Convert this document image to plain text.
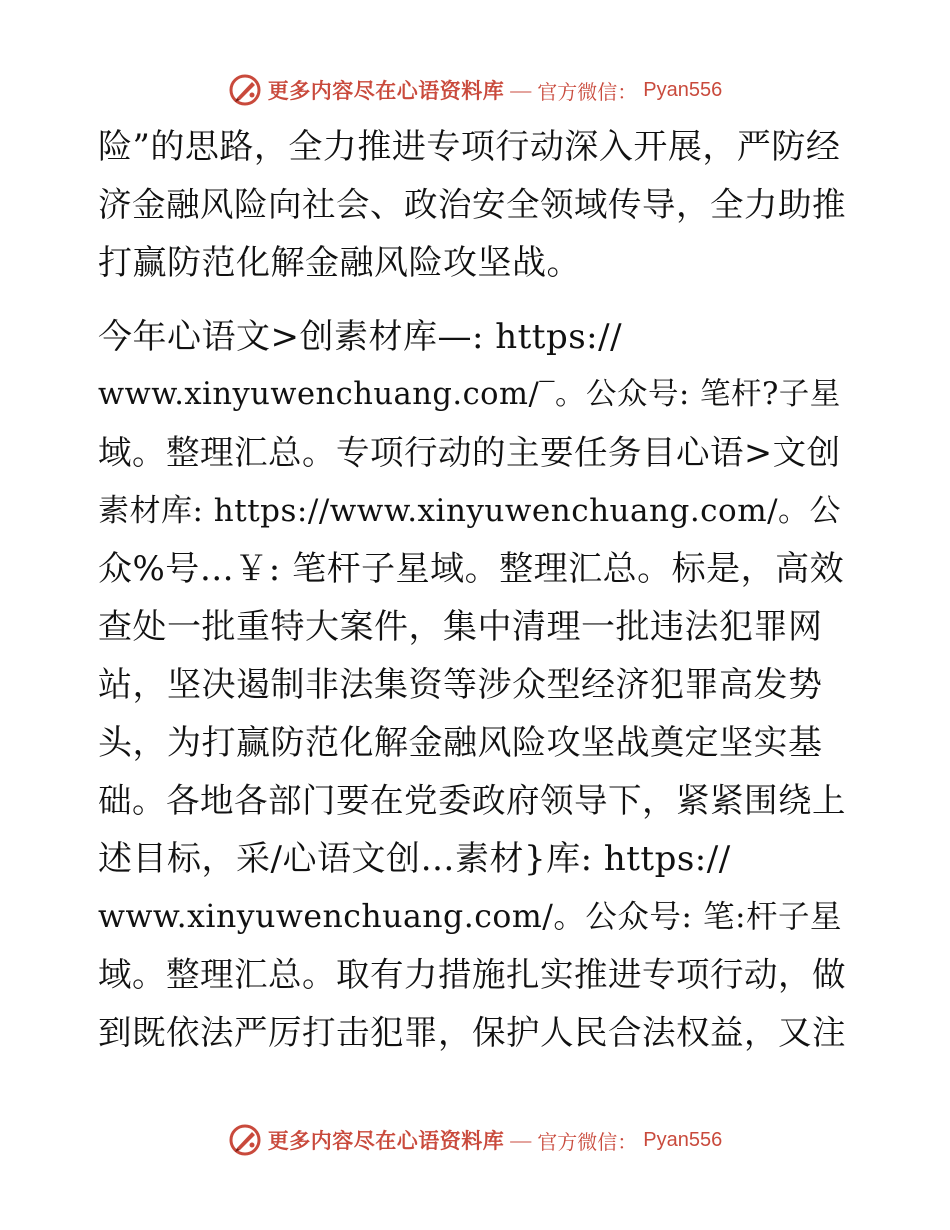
更多内容尽在心语资料库 — 官方微信： Pyan556
险”的思路，全力推进专项行动深入开展，严防经
济金融风险向社会、政治安全领域传导，全力助推
打赢防范化解金融风险攻坚战。
今年心语文>创素材库—: https://
www.xinyuwenchuang.com/‾。公众号: 笔杆?子星
域。整理汇总。专项行动的主要任务目心语>文创
素材库: https://www.xinyuwenchuang.com/。公
众%号…￥: 笔杆子星域。整理汇总。标是，高效
查处一批重特大案件，集中清理一批违法犯罪网
站，坚决遏制非法集资等涉众型经济犯罪高发势
头，为打赢防范化解金融风险攻坚战奠定坚实基
础。各地各部门要在党委政府领导下，紧紧围绕上
述目标，采/心语文创…素材}库: https://
www.xinyuwenchuang.com/。公众号: 笔:杆子星
域。整理汇总。取有力措施扎实推进专项行动，做
到既依法严厉打击犯罪，保护人民合法权益，又注
更多内容尽在心语资料库 — 官方微信： Pyan556
